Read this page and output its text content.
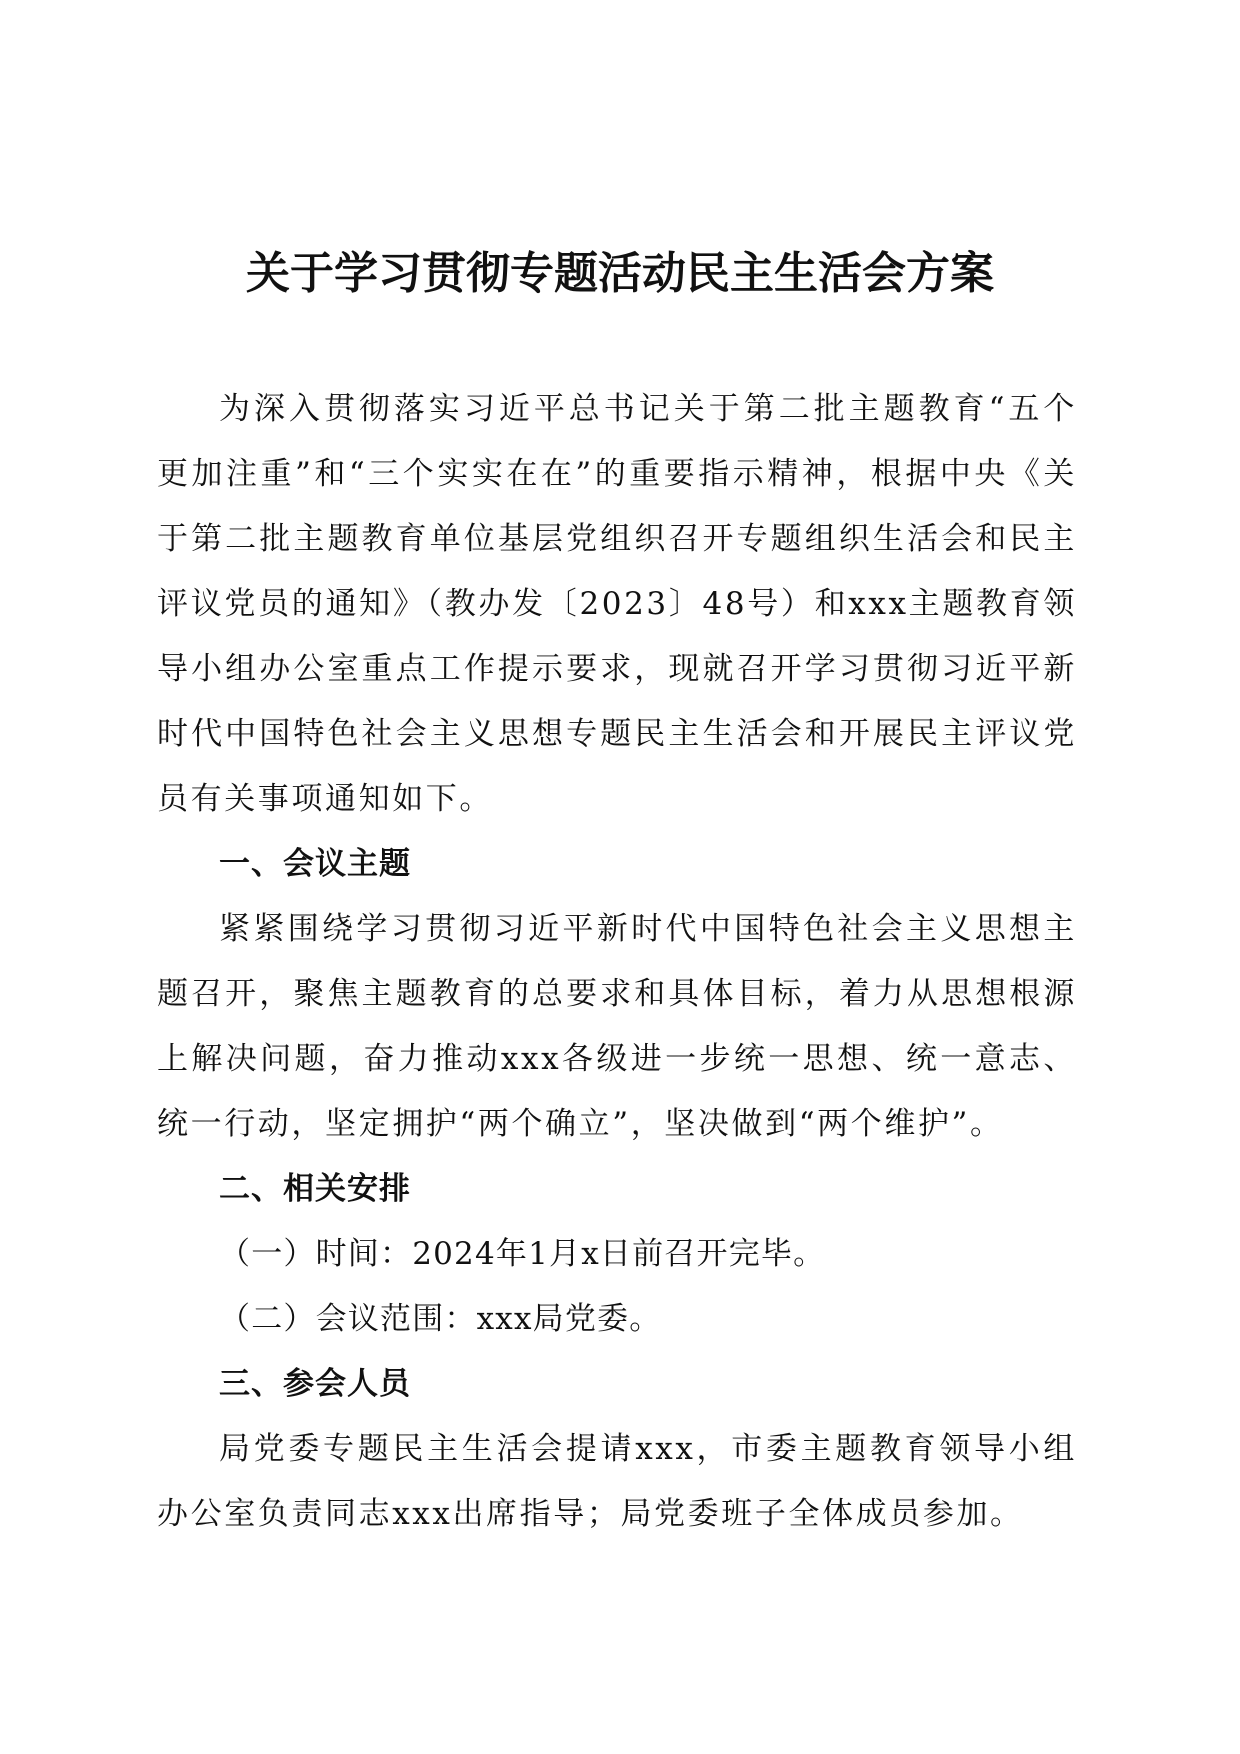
关于学习贯彻专题活动民主生活会方案

为深入贯彻落实习近平总书记关于第二批主题教育“五个更加注重”和“三个实实在在”的重要指示精神，根据中央《关于第二批主题教育单位基层党组织召开专题组织生活会和民主评议党员的通知》（教办发〔2023〕48号）和xxx主题教育领导小组办公室重点工作提示要求，现就召开学习贯彻习近平新时代中国特色社会主义思想专题民主生活会和开展民主评议党员有关事项通知如下。

一、会议主题

紧紧围绕学习贯彻习近平新时代中国特色社会主义思想主题召开，聚焦主题教育的总要求和具体目标，着力从思想根源上解决问题，奋力推动xxx各级进一步统一思想、统一意志、统一行动，坚定拥护“两个确立”，坚决做到“两个维护”。

二、相关安排

（一）时间：2024年1月x日前召开完毕。

（二）会议范围：xxx局党委。

三、参会人员

局党委专题民主生活会提请xxx，市委主题教育领导小组办公室负责同志xxx出席指导；局党委班子全体成员参加。
